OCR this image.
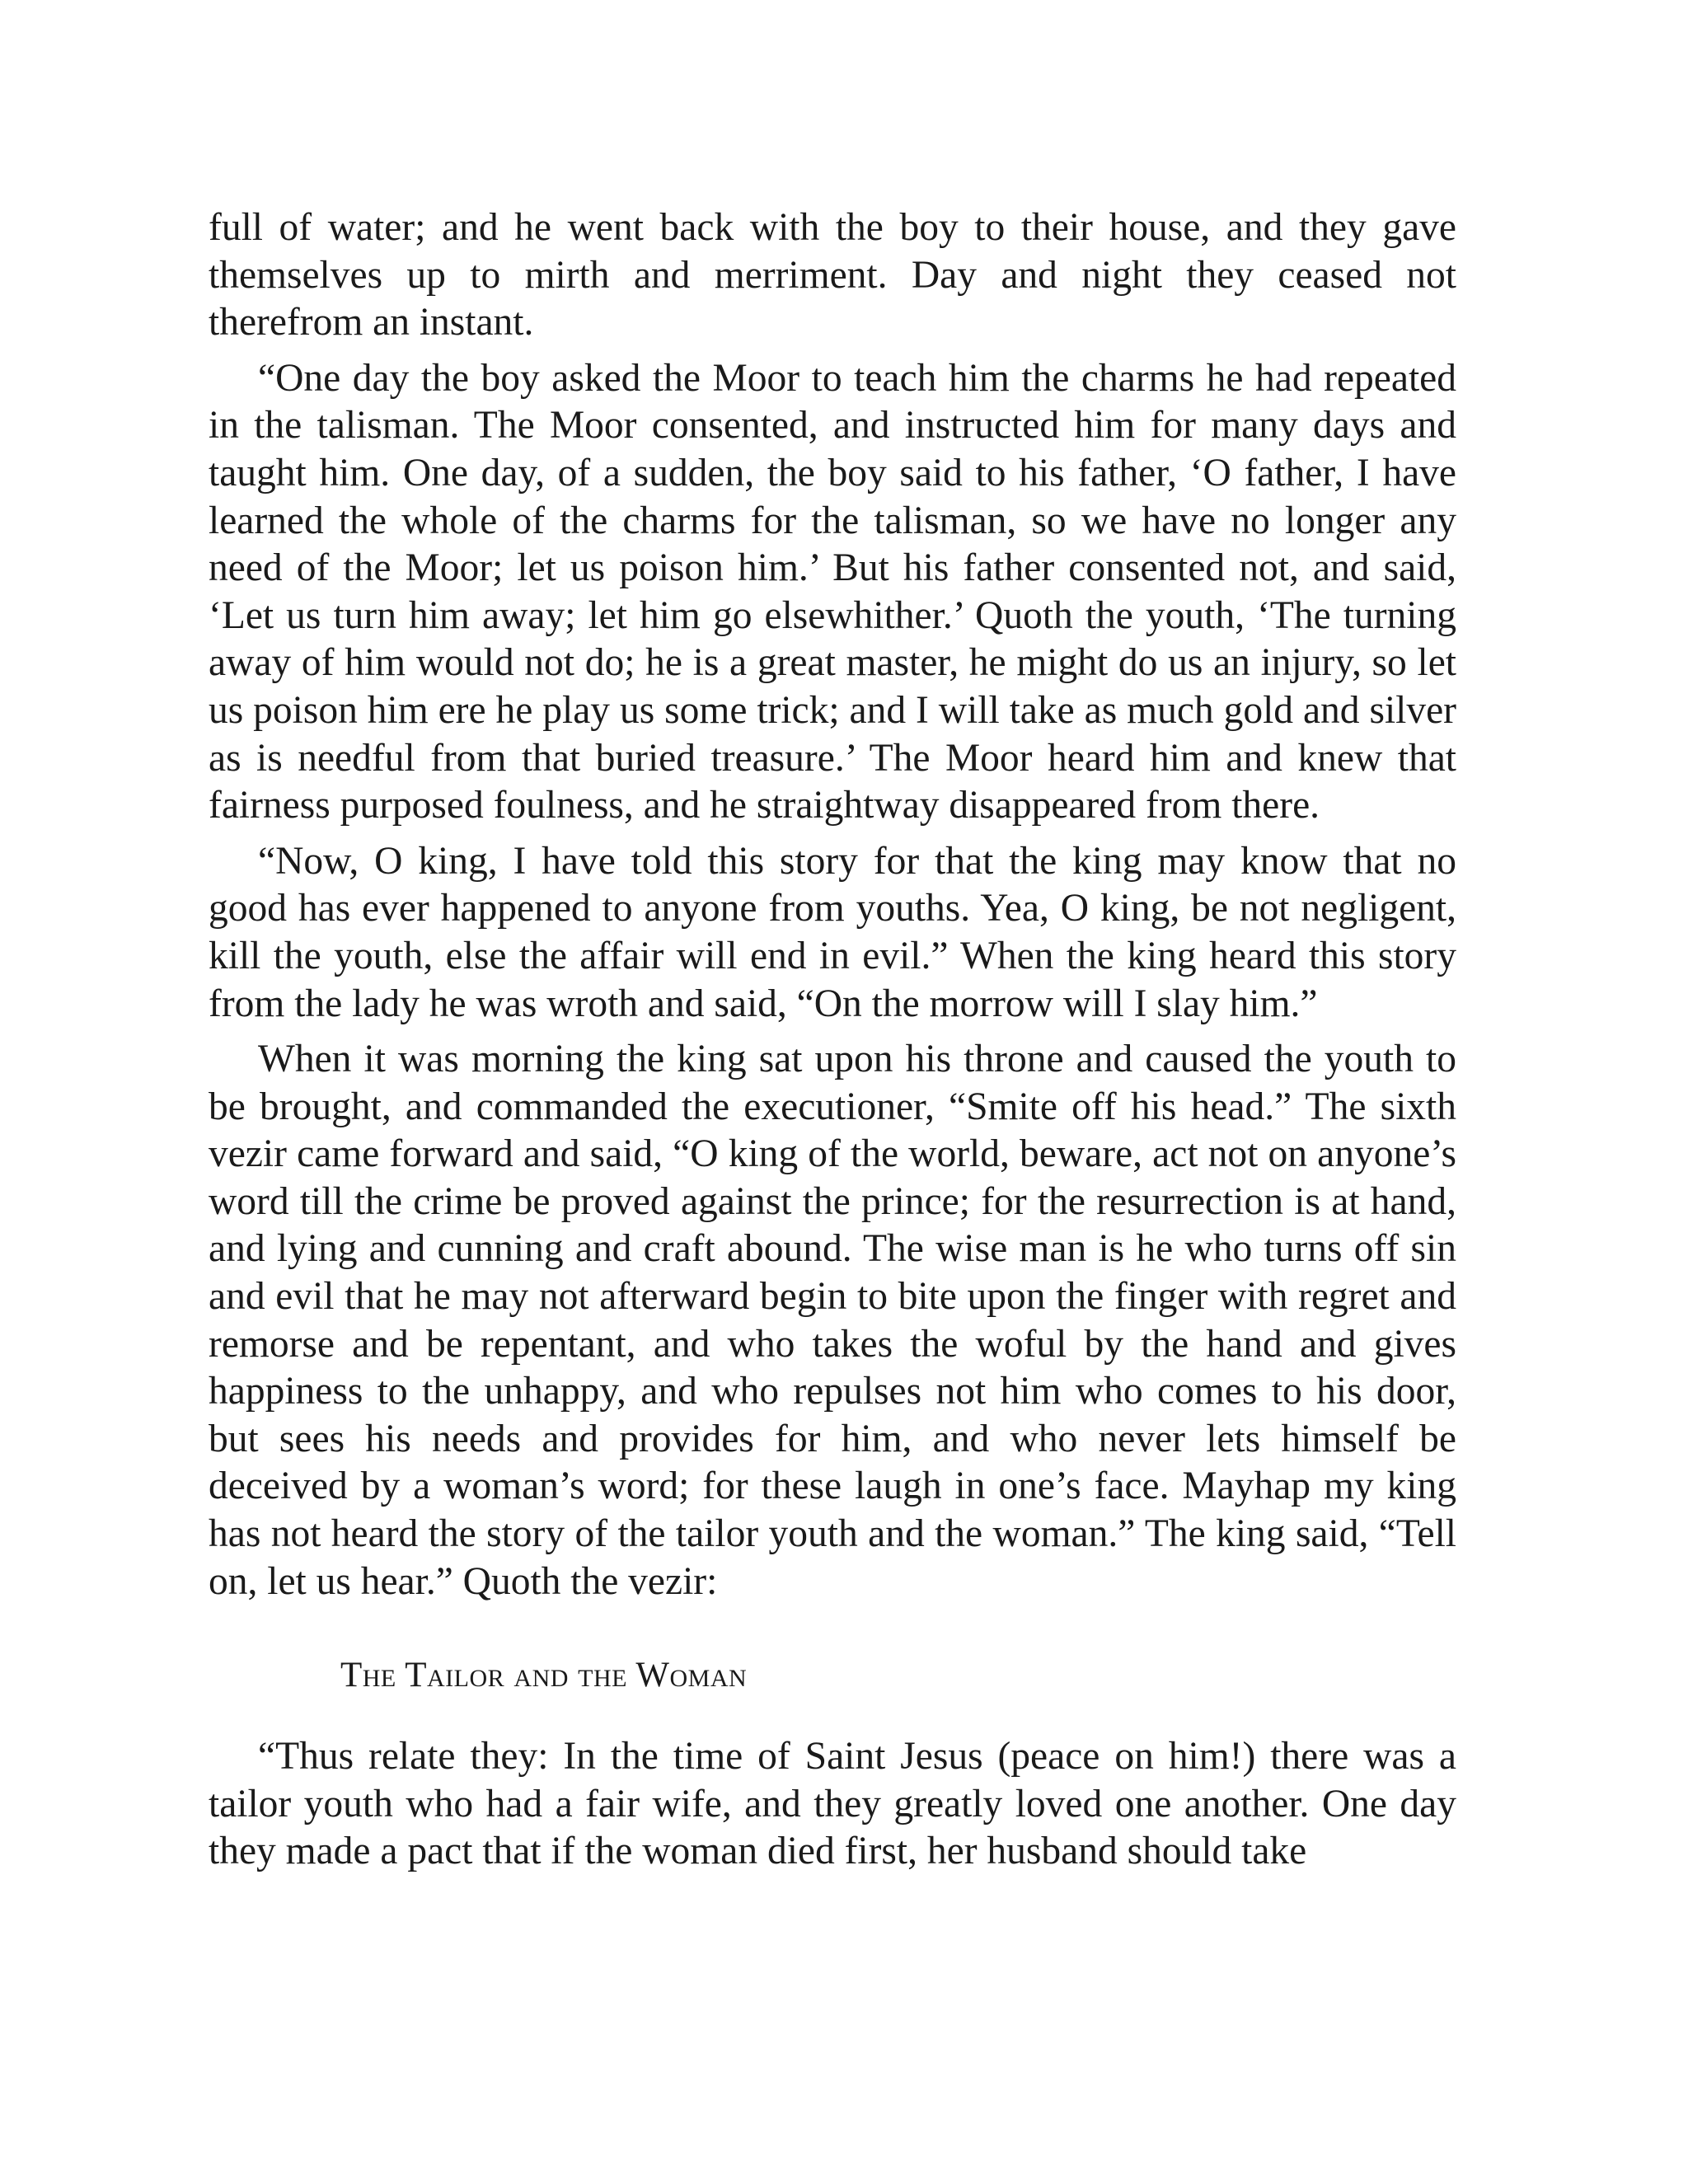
full of water; and he went back with the boy to their house, and they gave themselves up to mirth and merriment. Day and night they ceased not therefrom an instant.

“One day the boy asked the Moor to teach him the charms he had repeated in the talisman. The Moor consented, and instructed him for many days and taught him. One day, of a sudden, the boy said to his father, ‘O father, I have learned the whole of the charms for the talisman, so we have no longer any need of the Moor; let us poison him.’ But his father consented not, and said, ‘Let us turn him away; let him go elsewhither.’ Quoth the youth, ‘The turning away of him would not do; he is a great master, he might do us an injury, so let us poison him ere he play us some trick; and I will take as much gold and silver as is needful from that buried treasure.’ The Moor heard him and knew that fairness purposed foulness, and he straightway disappeared from there.

“Now, O king, I have told this story for that the king may know that no good has ever happened to anyone from youths. Yea, O king, be not negligent, kill the youth, else the affair will end in evil.” When the king heard this story from the lady he was wroth and said, “On the morrow will I slay him.”

When it was morning the king sat upon his throne and caused the youth to be brought, and commanded the executioner, “Smite off his head.” The sixth vezir came forward and said, “O king of the world, beware, act not on anyone’s word till the crime be proved against the prince; for the resurrection is at hand, and lying and cunning and craft abound. The wise man is he who turns off sin and evil that he may not afterward begin to bite upon the finger with regret and remorse and be repentant, and who takes the woful by the hand and gives happiness to the unhappy, and who repulses not him who comes to his door, but sees his needs and provides for him, and who never lets himself be deceived by a woman’s word; for these laugh in one’s face. Mayhap my king has not heard the story of the tailor youth and the woman.” The king said, “Tell on, let us hear.” Quoth the vezir:

The Tailor and the Woman

“Thus relate they: In the time of Saint Jesus (peace on him!) there was a tailor youth who had a fair wife, and they greatly loved one another. One day they made a pact that if the woman died first, her husband should take
